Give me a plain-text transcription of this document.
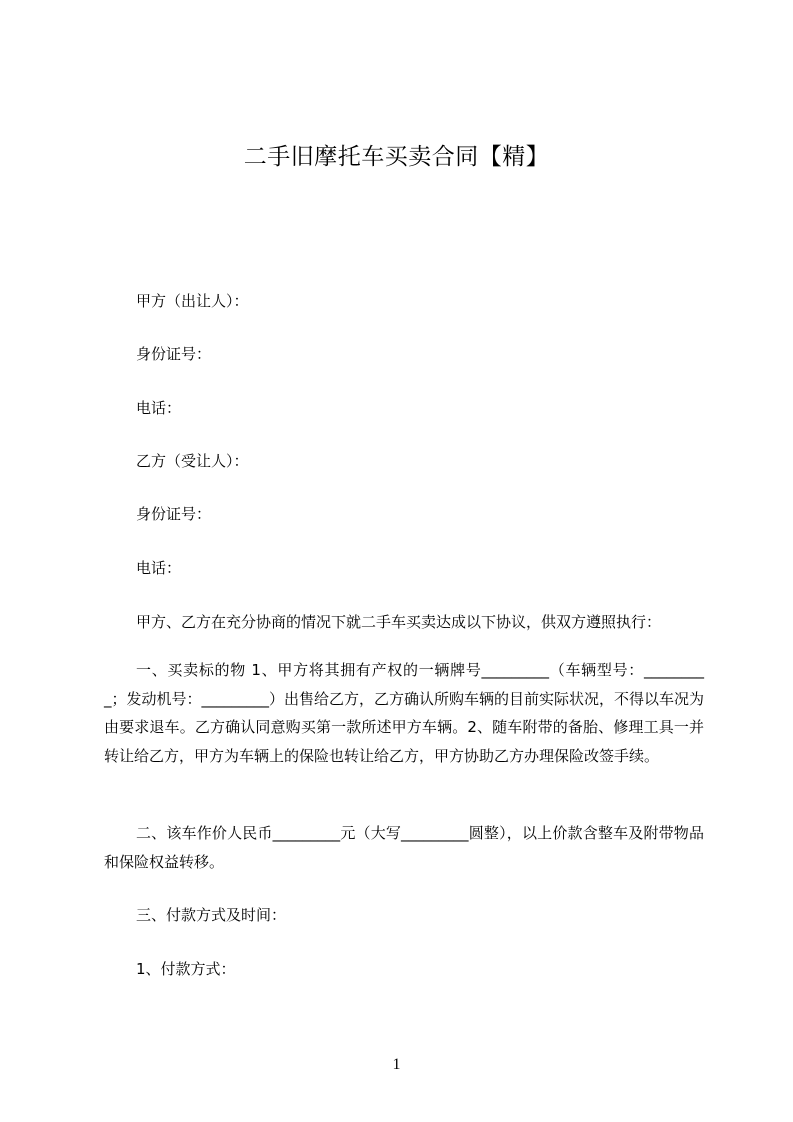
二手旧摩托车买卖合同【精】

甲方（出让人）：

身份证号：

电话：

乙方（受让人）：

身份证号：

电话：

甲方、乙方在充分协商的情况下就二手车买卖达成以下协议，供双方遵照执行：

一、买卖标的物 1、甲方将其拥有产权的一辆牌号_________（车辆型号：_________；发动机号：_________）出售给乙方，乙方确认所购车辆的目前实际状况，不得以车况为由要求退车。乙方确认同意购买第一款所述甲方车辆。2、随车附带的备胎、修理工具一并转让给乙方，甲方为车辆上的保险也转让给乙方，甲方协助乙方办理保险改签手续。

二、该车作价人民币_________元（大写_________圆整），以上价款含整车及附带物品和保险权益转移。

三、付款方式及时间：

1、付款方式：

1
